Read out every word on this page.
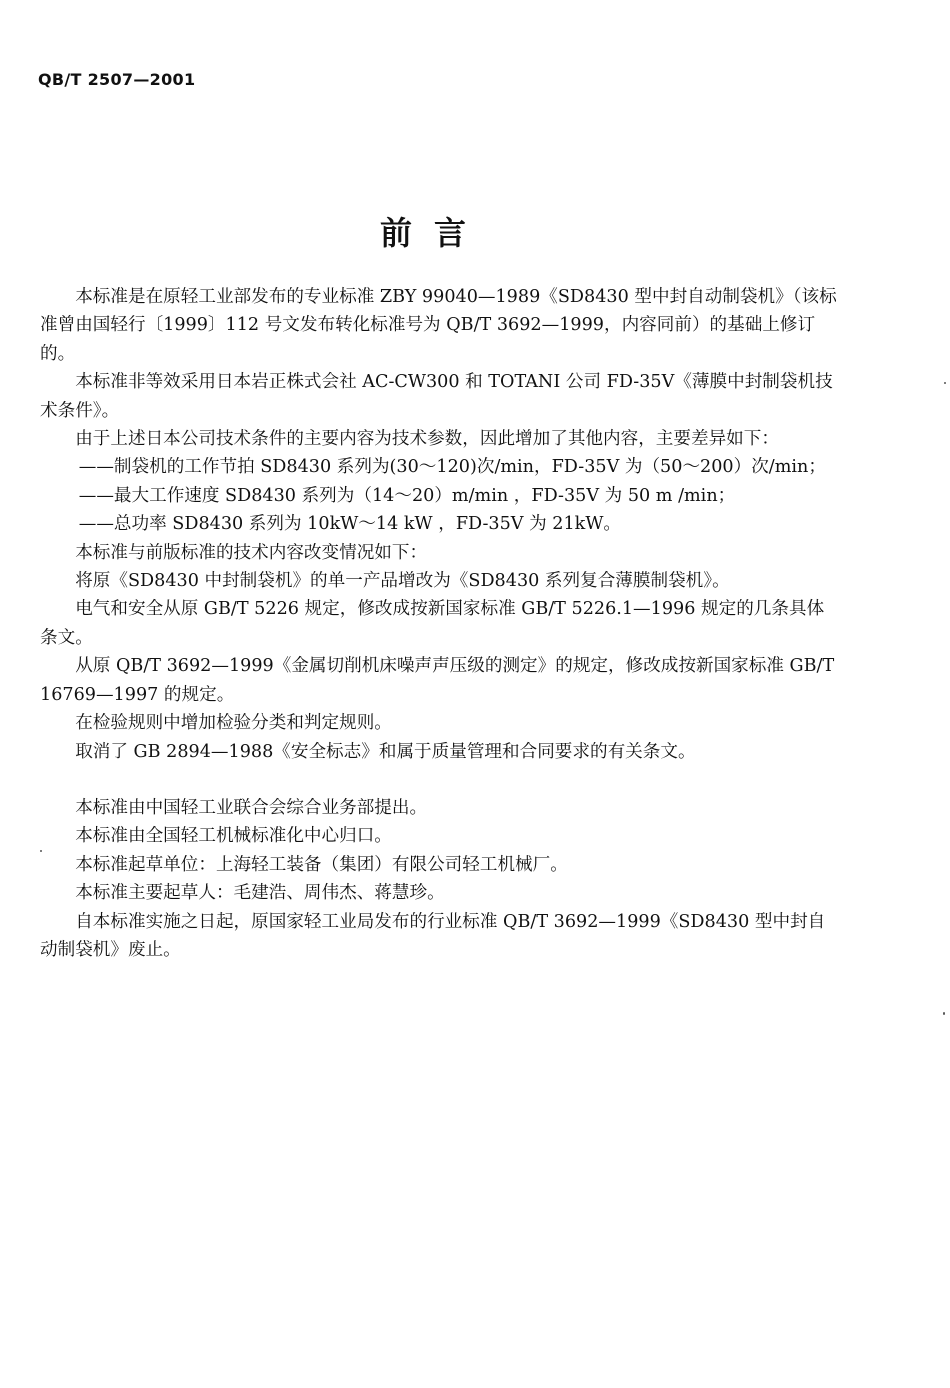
QB/T 2507—2001
前言

本标准是在原轻工业部发布的专业标准 ZBY 99040—1989《SD8430 型中封自动制袋机》（该标准曾由国轻行〔1999〕112 号文发布转化标准号为 QB/T 3692—1999，内容同前）的基础上修订的。

本标准非等效采用日本岩正株式会社 AC-CW300 和 TOTANI 公司 FD-35V《薄膜中封制袋机技术条件》。

由于上述日本公司技术条件的主要内容为技术参数，因此增加了其他内容，主要差异如下：

——制袋机的工作节拍 SD8430 系列为(30～120)次/min，FD-35V 为（50～200）次/min；

——最大工作速度 SD8430 系列为（14～20）m/min ，FD-35V 为 50 m /min；

——总功率 SD8430 系列为 10kW～14 kW ，FD-35V 为 21kW。

本标准与前版标准的技术内容改变情况如下：

将原《SD8430 中封制袋机》的单一产品增改为《SD8430 系列复合薄膜制袋机》。

电气和安全从原 GB/T 5226 规定，修改成按新国家标准 GB/T 5226.1—1996 规定的几条具体条文。

从原 QB/T 3692—1999《金属切削机床噪声声压级的测定》的规定，修改成按新国家标准 GB/T 16769—1997 的规定。

在检验规则中增加检验分类和判定规则。

取消了 GB 2894—1988《安全标志》和属于质量管理和合同要求的有关条文。

本标准由中国轻工业联合会综合业务部提出。

本标准由全国轻工机械标准化中心归口。

本标准起草单位：上海轻工装备（集团）有限公司轻工机械厂。

本标准主要起草人：毛建浩、周伟杰、蒋慧珍。

自本标准实施之日起，原国家轻工业局发布的行业标准 QB/T 3692—1999《SD8430 型中封自动制袋机》废止。
